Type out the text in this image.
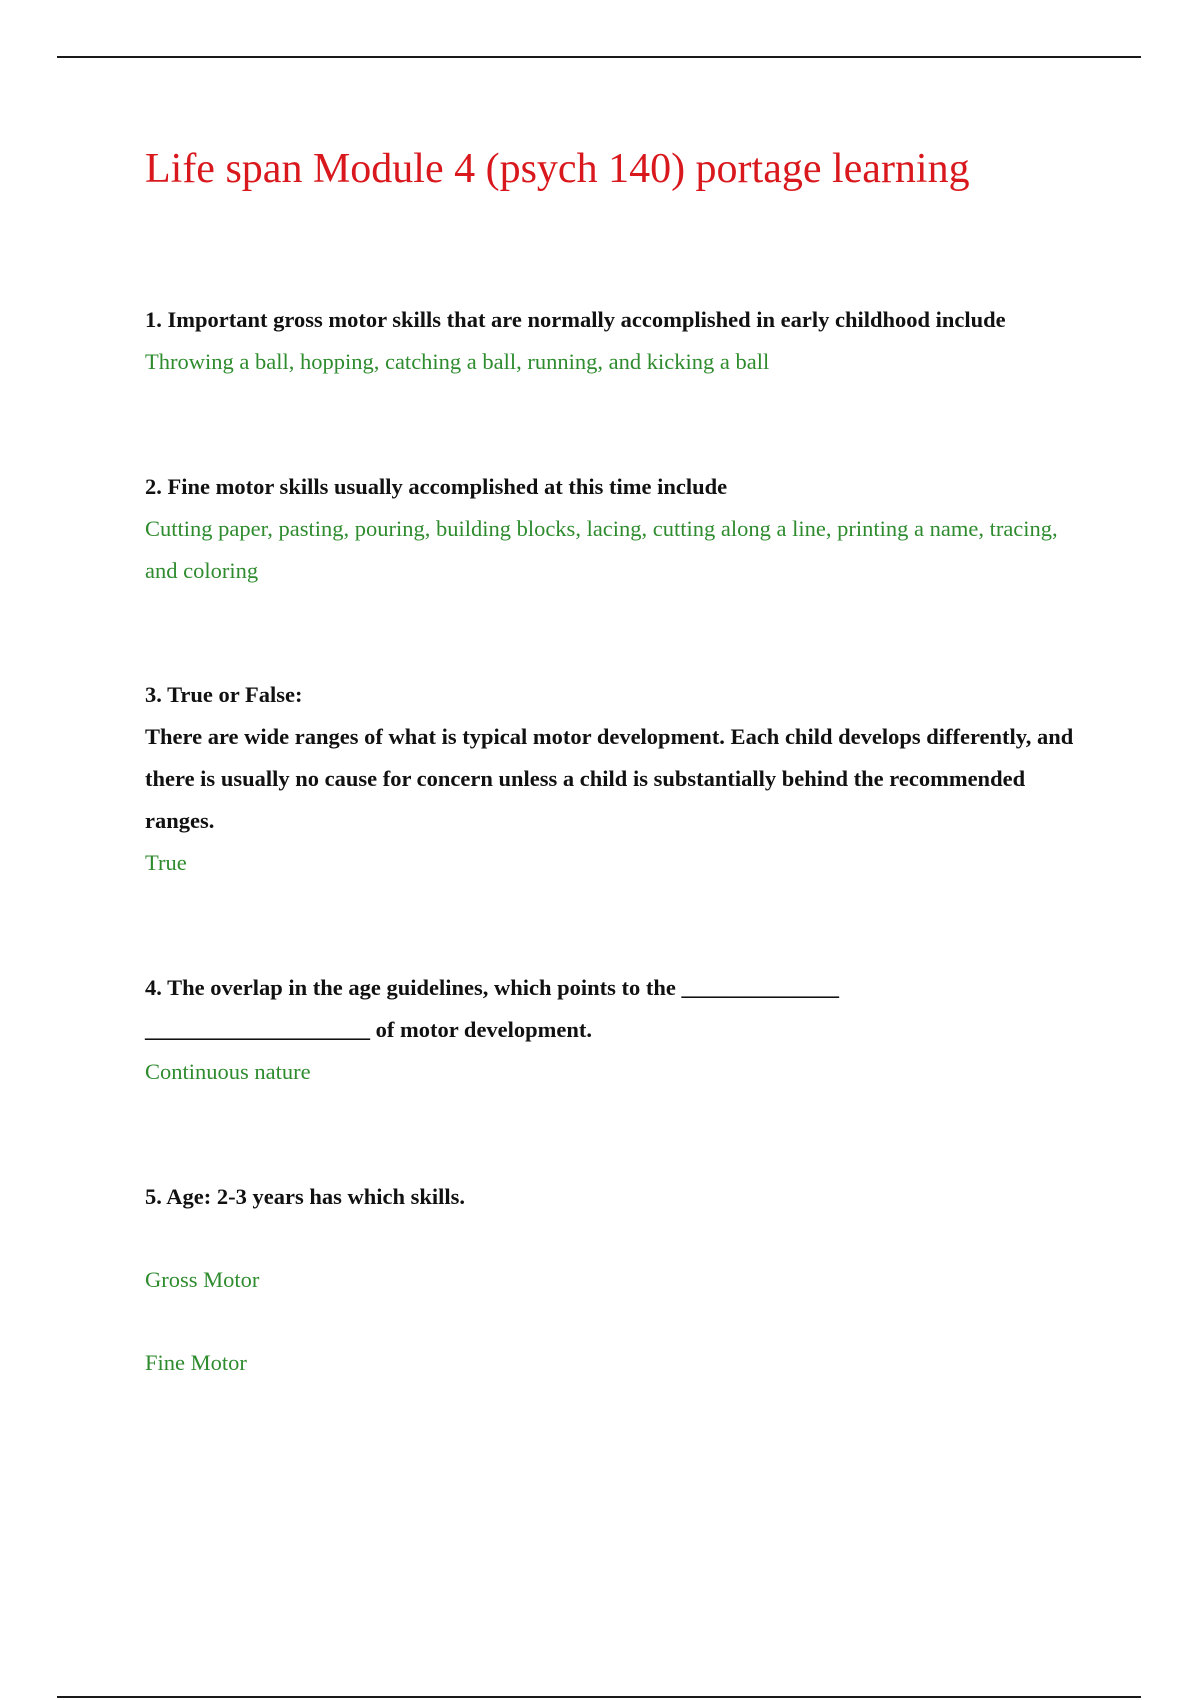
Life span Module 4 (psych 140) portage learning

1. Important gross motor skills that are normally accomplished in early childhood include

Throwing a ball, hopping, catching a ball, running, and kicking a ball

2. Fine motor skills usually accomplished at this time include

Cutting paper, pasting, pouring, building blocks, lacing, cutting along a line, printing a name, tracing, and coloring

3. True or False:

There are wide ranges of what is typical motor development. Each child develops differently, and there is usually no cause for concern unless a child is substantially behind the recommended ranges.

True

4. The overlap in the age guidelines, which points to the ______________

____________________ of motor development.

Continuous nature

5. Age: 2-3 years has which skills.

Gross Motor

Fine Motor
